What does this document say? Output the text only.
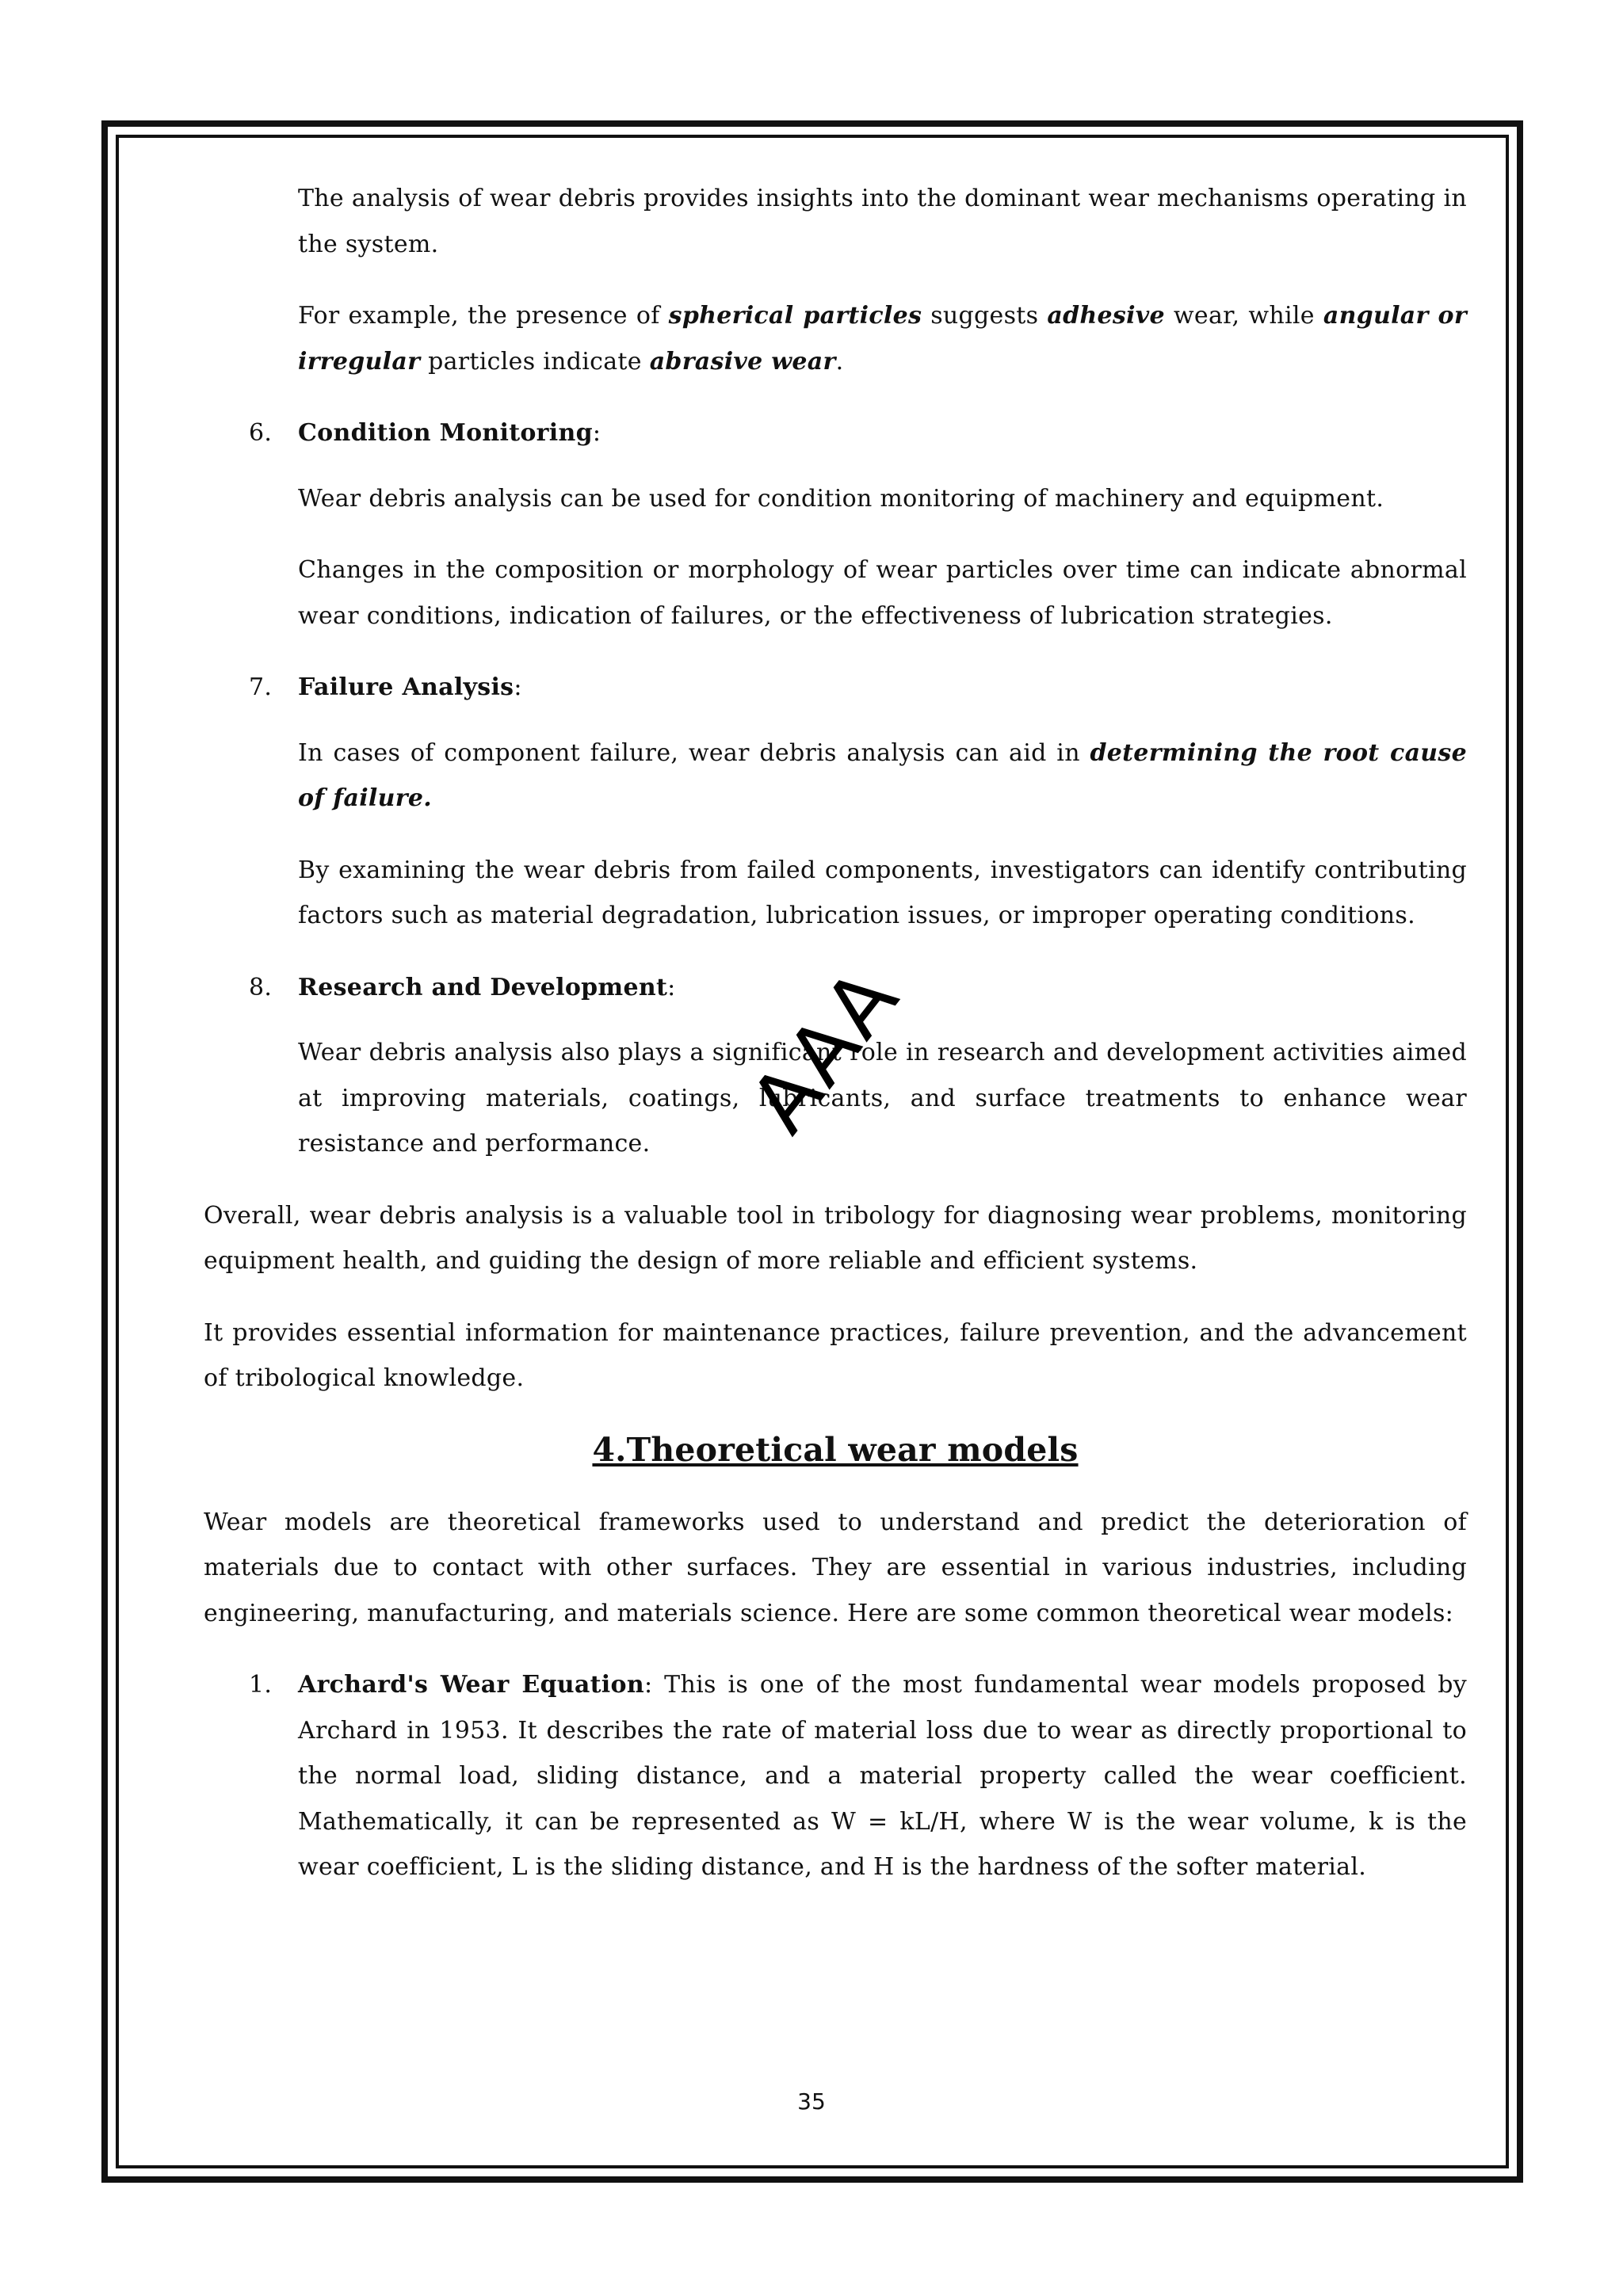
The analysis of wear debris provides insights into the dominant wear mechanisms operating in the system.

For example, the presence of spherical particles suggests adhesive wear, while angular or irregular particles indicate abrasive wear.

6. Condition Monitoring:

Wear debris analysis can be used for condition monitoring of machinery and equipment.

Changes in the composition or morphology of wear particles over time can indicate abnormal wear conditions, indication of failures, or the effectiveness of lubrication strategies.

7. Failure Analysis:

In cases of component failure, wear debris analysis can aid in determining the root cause of failure.

By examining the wear debris from failed components, investigators can identify contributing factors such as material degradation, lubrication issues, or improper operating conditions.

8. Research and Development:

Wear debris analysis also plays a significant role in research and development activities aimed at improving materials, coatings, lubricants, and surface treatments to enhance wear resistance and performance.

Overall, wear debris analysis is a valuable tool in tribology for diagnosing wear problems, monitoring equipment health, and guiding the design of more reliable and efficient systems.

It provides essential information for maintenance practices, failure prevention, and the advancement of tribological knowledge.

4.Theoretical wear models

Wear models are theoretical frameworks used to understand and predict the deterioration of materials due to contact with other surfaces. They are essential in various industries, including engineering, manufacturing, and materials science. Here are some common theoretical wear models:

1. Archard's Wear Equation: This is one of the most fundamental wear models proposed by Archard in 1953. It describes the rate of material loss due to wear as directly proportional to the normal load, sliding distance, and a material property called the wear coefficient. Mathematically, it can be represented as W = kL/H, where W is the wear volume, k is the wear coefficient, L is the sliding distance, and H is the hardness of the softer material.
AAA
35
